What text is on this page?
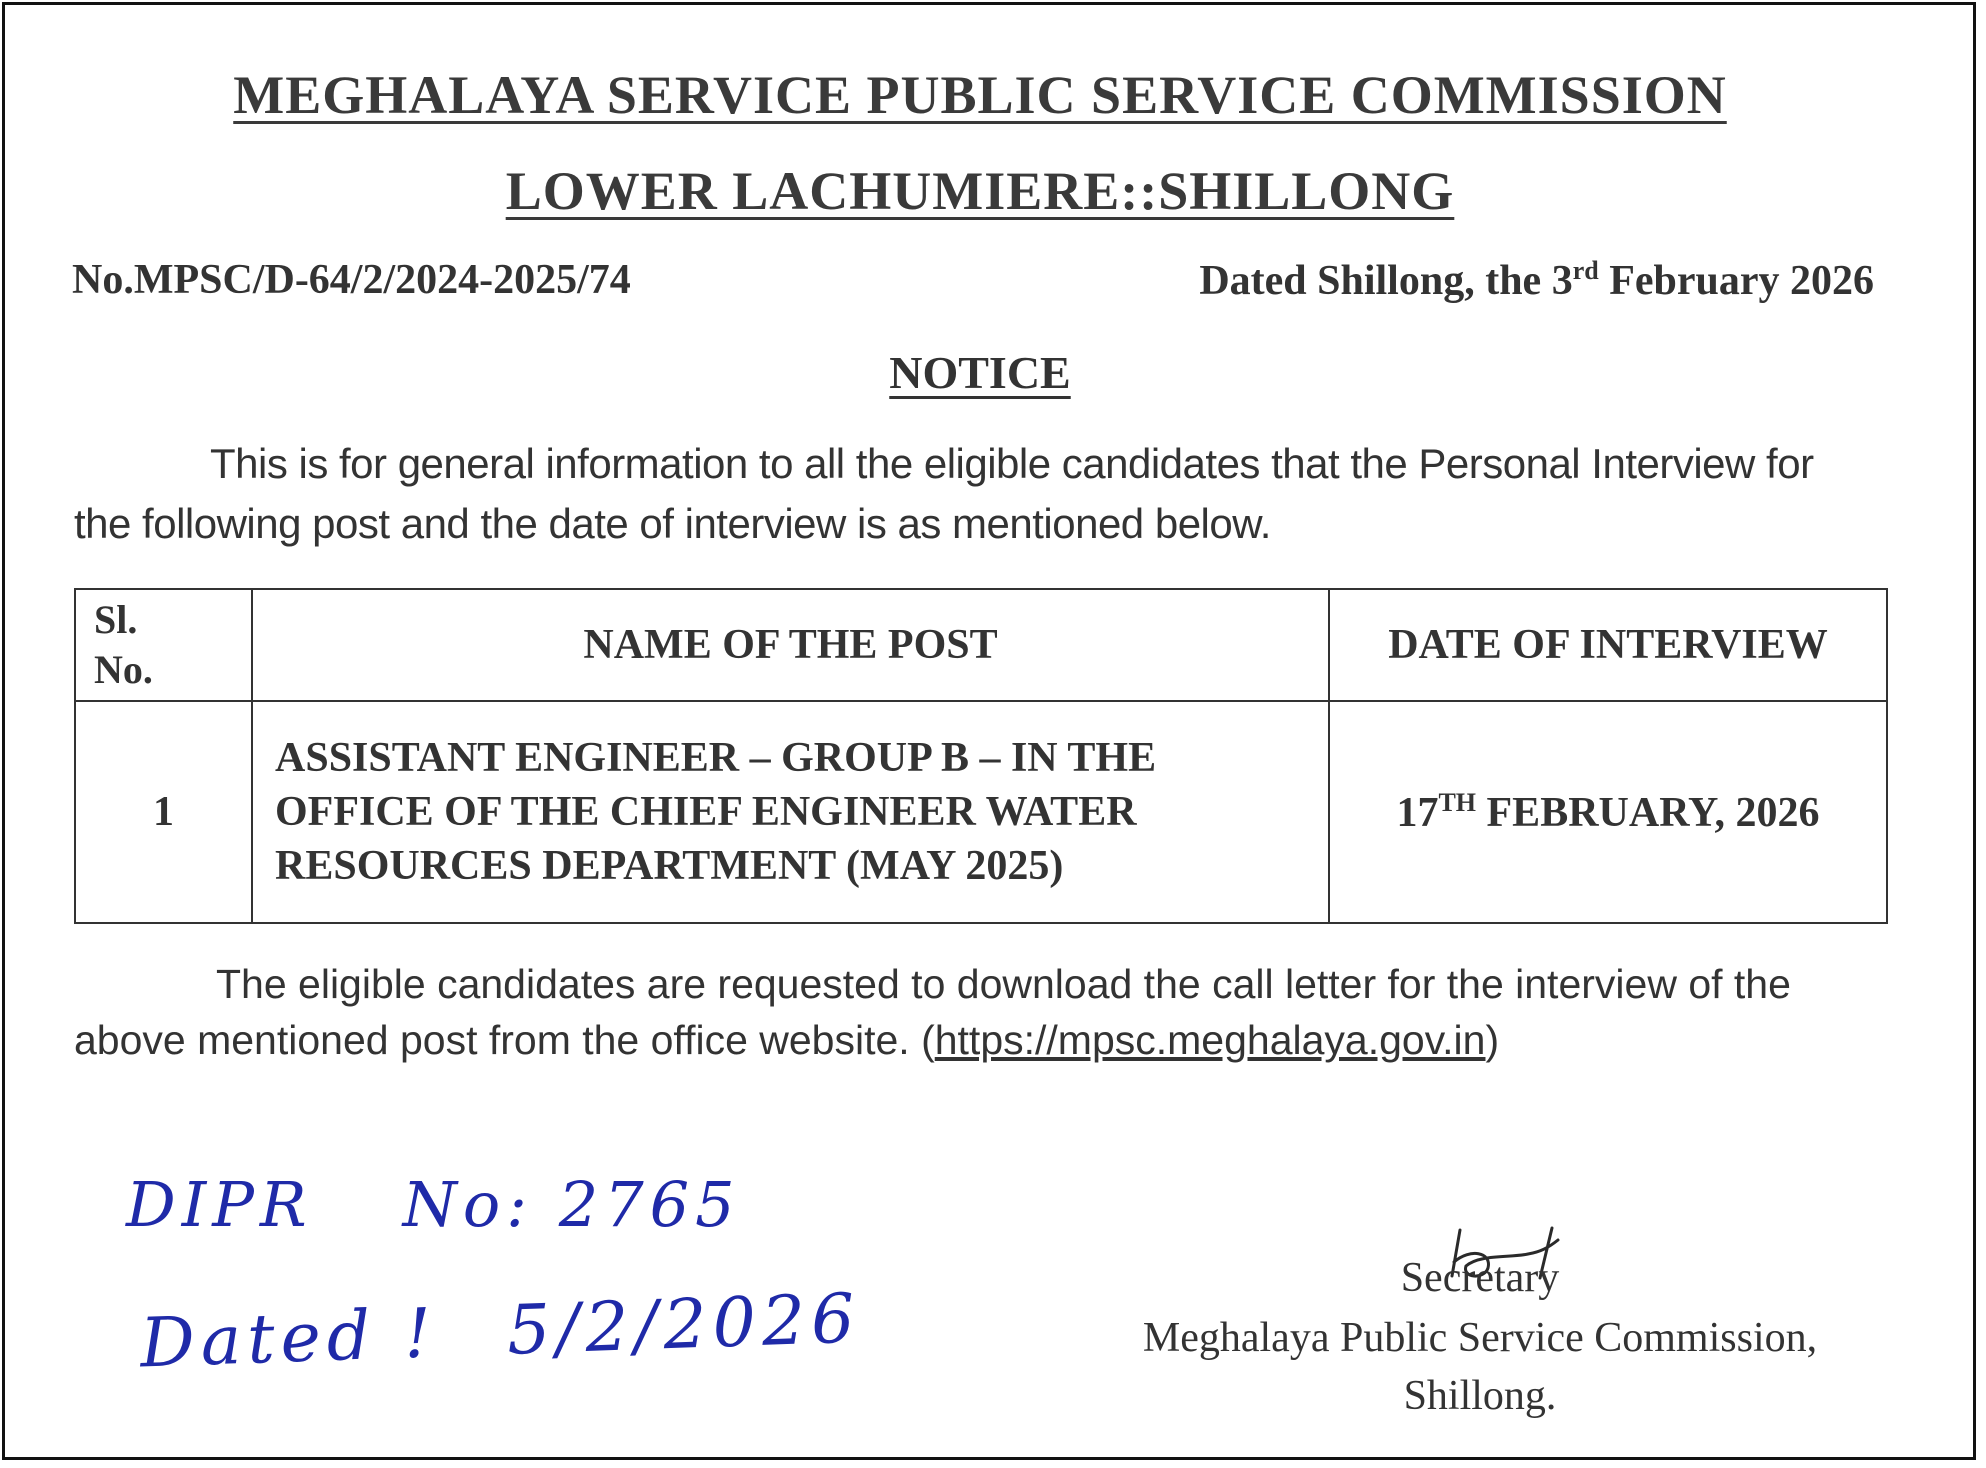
MEGHALAYA SERVICE PUBLIC SERVICE COMMISSION
LOWER LACHUMIERE::SHILLONG
No.MPSC/D-64/2/2024-2025/74	Dated Shillong, the 3rd February 2026
NOTICE
This is for general information to all the eligible candidates that the Personal Interview for the following post and the date of interview is as mentioned below.
Sl.
No.	NAME OF THE POST	DATE OF INTERVIEW
1	ASSISTANT ENGINEER – GROUP B – IN THE
OFFICE OF THE CHIEF ENGINEER WATER
RESOURCES DEPARTMENT (MAY 2025)	17TH FEBRUARY, 2026
The eligible candidates are requested to download the call letter for the interview of the above mentioned post from the office website. (https://mpsc.meghalaya.gov.in)
DIPR No: 2765
Dated ! 5/2/2026
Secretary
Meghalaya Public Service Commission,
Shillong.
